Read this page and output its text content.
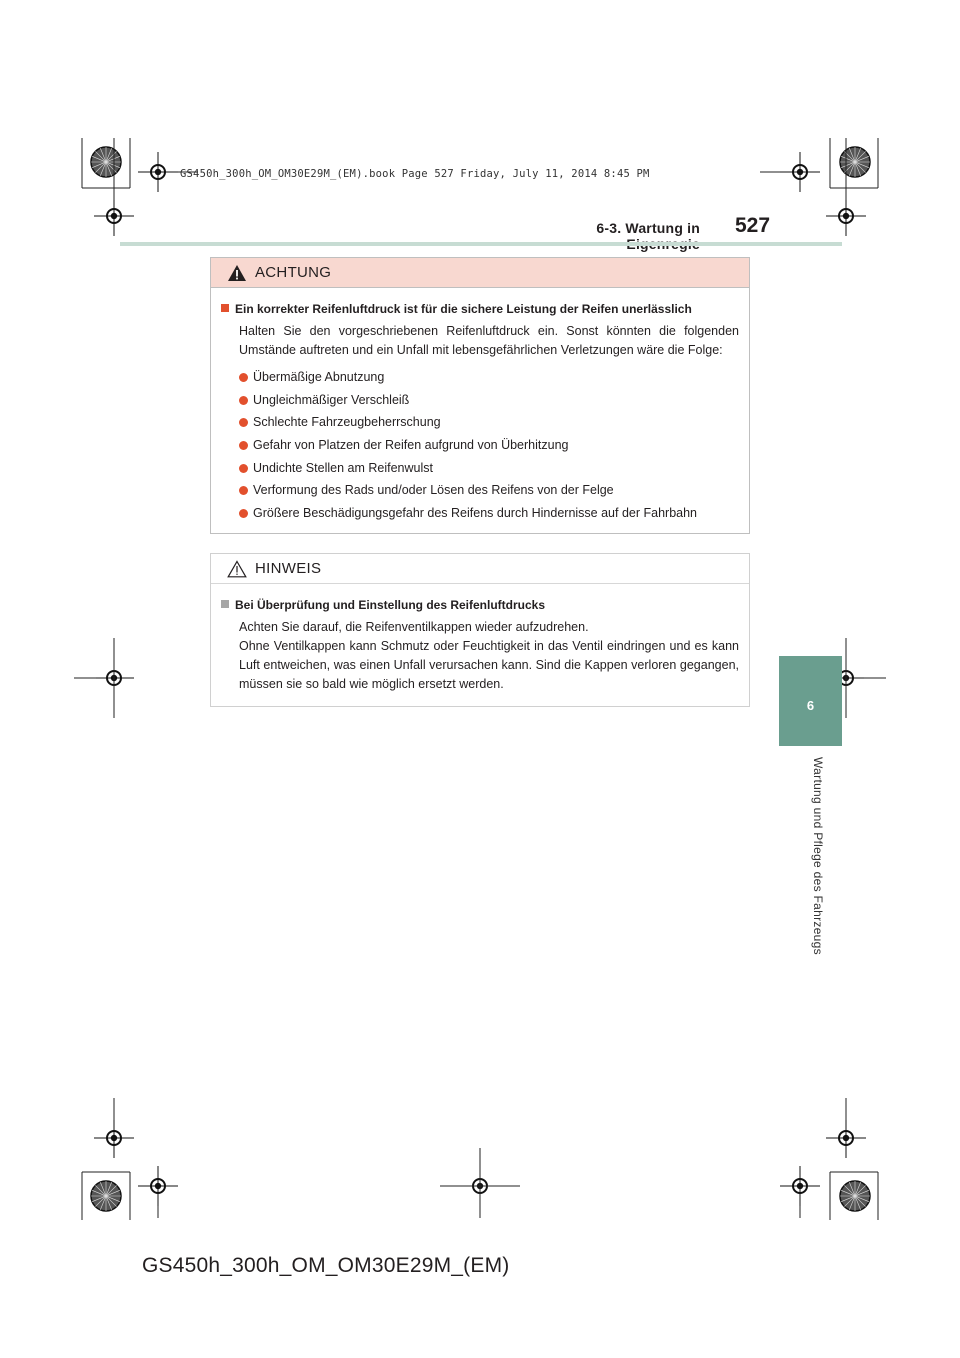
GS450h_300h_OM_OM30E29M_(EM).book Page 527 Friday, July 11, 2014 8:45 PM
6-3. Wartung in 527
6
Wartung und Pflege des Fahrzeugs
ACHTUNG
Ein korrekter Reifenluftdruck ist für die sichere Leistung der Reifen unerlässlich
Halten Sie den vorgeschriebenen Reifenluftdruck ein. Sonst könnten die folgenden Umstände auftreten und ein Unfall mit lebensgefährlichen Verletzungen wäre die Folge:
Übermäßige Abnutzung
Ungleichmäßiger Verschleiß
Schlechte Fahrzeugbeherrschung
Gefahr von Platzen der Reifen aufgrund von Überhitzung
Undichte Stellen am Reifenwulst
Verformung des Rads und/oder Lösen des Reifens von der Felge
Größere Beschädigungsgefahr des Reifens durch Hindernisse auf der Fahrbahn
HINWEIS
Bei Überprüfung und Einstellung des Reifenluftdrucks
Achten Sie darauf, die Reifenventilkappen wieder aufzudrehen.
Ohne Ventilkappen kann Schmutz oder Feuchtigkeit in das Ventil eindringen und es kann Luft entweichen, was einen Unfall verursachen kann. Sind die Kappen verloren gegangen, müssen sie so bald wie möglich ersetzt werden.
GS450h_300h_OM_OM30E29M_(EM)
